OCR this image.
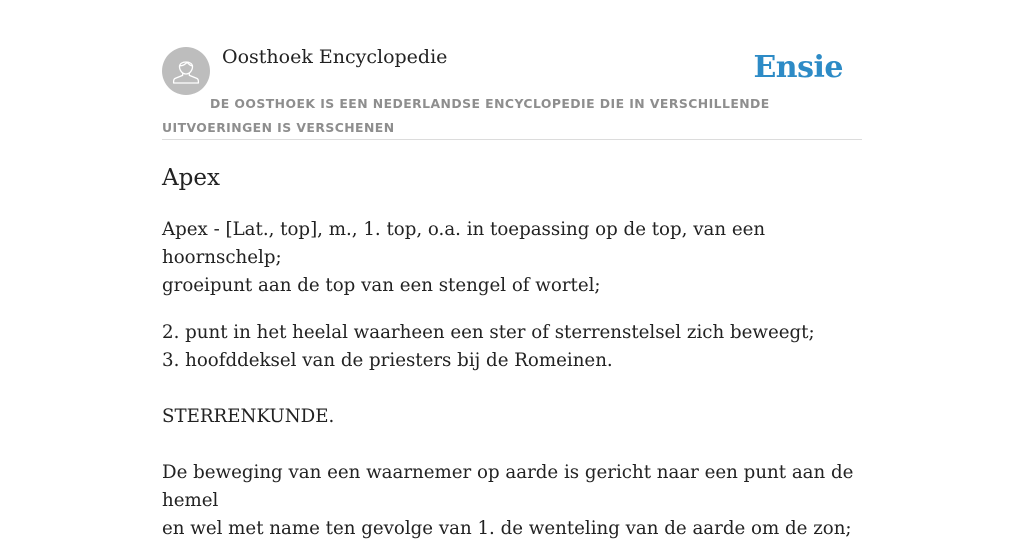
Oosthoek Encyclopedie	Ensie
DE OOSTHOEK IS EEN NEDERLANDSE ENCYCLOPEDIE DIE IN VERSCHILLENDE UITVOERINGEN IS VERSCHENEN
Apex

Apex - [Lat., top], m., 1. top, o.a. in toepassing op de top, van een hoornschelp;
groeipunt aan de top van een stengel of wortel;

2. punt in het heelal waarheen een ster of sterrenstelsel zich beweegt;
3. hoofddeksel van de priesters bij de Romeinen.

STERRENKUNDE.

De beweging van een waarnemer op aarde is gericht naar een punt aan de hemel
en wel met name ten gevolge van 1. de wenteling van de aarde om de zon;
